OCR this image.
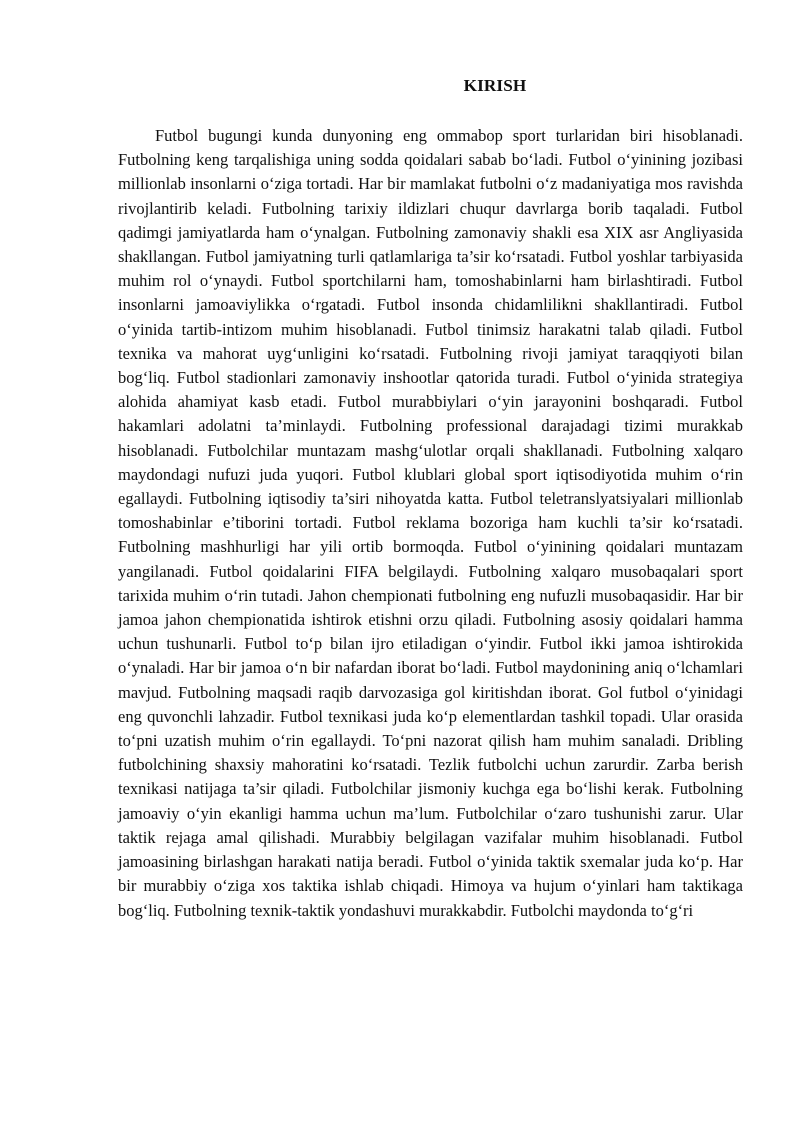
KIRISH

Futbol bugungi kunda dunyoning eng ommabop sport turlaridan biri hisoblanadi. Futbolning keng tarqalishiga uning sodda qoidalari sabab bo‘ladi. Futbol o‘yinining jozibasi millionlab insonlarni o‘ziga tortadi. Har bir mamlakat futbolni o‘z madaniyatiga mos ravishda rivojlantirib keladi. Futbolning tarixiy ildizlari chuqur davrlarga borib taqaladi. Futbol qadimgi jamiyatlarda ham o‘ynalgan. Futbolning zamonaviy shakli esa XIX asr Angliyasida shakllangan. Futbol jamiyatning turli qatlamlariga ta’sir ko‘rsatadi. Futbol yoshlar tarbiyasida muhim rol o‘ynaydi. Futbol sportchilarni ham, tomoshabinlarni ham birlashtiradi. Futbol insonlarni jamoaviylikka o‘rgatadi. Futbol insonda chidamlilikni shakllantiradi. Futbol o‘yinida tartib-intizom muhim hisoblanadi. Futbol tinimsiz harakatni talab qiladi. Futbol texnika va mahorat uyg‘unligini ko‘rsatadi. Futbolning rivoji jamiyat taraqqiyoti bilan bog‘liq. Futbol stadionlari zamonaviy inshootlar qatorida turadi. Futbol o‘yinida strategiya alohida ahamiyat kasb etadi. Futbol murabbiylari o‘yin jarayonini boshqaradi. Futbol hakamlari adolatni ta’minlaydi. Futbolning professional darajadagi tizimi murakkab hisoblanadi. Futbolchilar muntazam mashg‘ulotlar orqali shakllanadi. Futbolning xalqaro maydondagi nufuzi juda yuqori. Futbol klublari global sport iqtisodiyotida muhim o‘rin egallaydi. Futbolning iqtisodiy ta’siri nihoyatda katta. Futbol teletranslyatsiyalari millionlab tomoshabinlar e’tiborini tortadi. Futbol reklama bozoriga ham kuchli ta’sir ko‘rsatadi. Futbolning mashhurligi har yili ortib bormoqda. Futbol o‘yinining qoidalari muntazam yangilanadi. Futbol qoidalarini FIFA belgilaydi. Futbolning xalqaro musobaqalari sport tarixida muhim o‘rin tutadi. Jahon chempionati futbolning eng nufuzli musobaqasidir. Har bir jamoa jahon chempionatida ishtirok etishni orzu qiladi. Futbolning asosiy qoidalari hamma uchun tushunarli. Futbol to‘p bilan ijro etiladigan o‘yindir. Futbol ikki jamoa ishtirokida o‘ynaladi. Har bir jamoa o‘n bir nafardan iborat bo‘ladi. Futbol maydonining aniq o‘lchamlari mavjud. Futbolning maqsadi raqib darvozasiga gol kiritishdan iborat. Gol futbol o‘yinidagi eng quvonchli lahzadir. Futbol texnikasi juda ko‘p elementlardan tashkil topadi. Ular orasida to‘pni uzatish muhim o‘rin egallaydi. To‘pni nazorat qilish ham muhim sanaladi. Dribling futbolchining shaxsiy mahoratini ko‘rsatadi. Tezlik futbolchi uchun zarurdir. Zarba berish texnikasi natijaga ta’sir qiladi. Futbolchilar jismoniy kuchga ega bo‘lishi kerak. Futbolning jamoaviy o‘yin ekanligi hamma uchun ma’lum. Futbolchilar o‘zaro tushunishi zarur. Ular taktik rejaga amal qilishadi. Murabbiy belgilagan vazifalar muhim hisoblanadi. Futbol jamoasining birlashgan harakati natija beradi. Futbol o‘yinida taktik sxemalar juda ko‘p. Har bir murabbiy o‘ziga xos taktika ishlab chiqadi. Himoya va hujum o‘yinlari ham taktikaga bog‘liq. Futbolning texnik-taktik yondashuvi murakkabdir. Futbolchi maydonda to‘g‘ri
